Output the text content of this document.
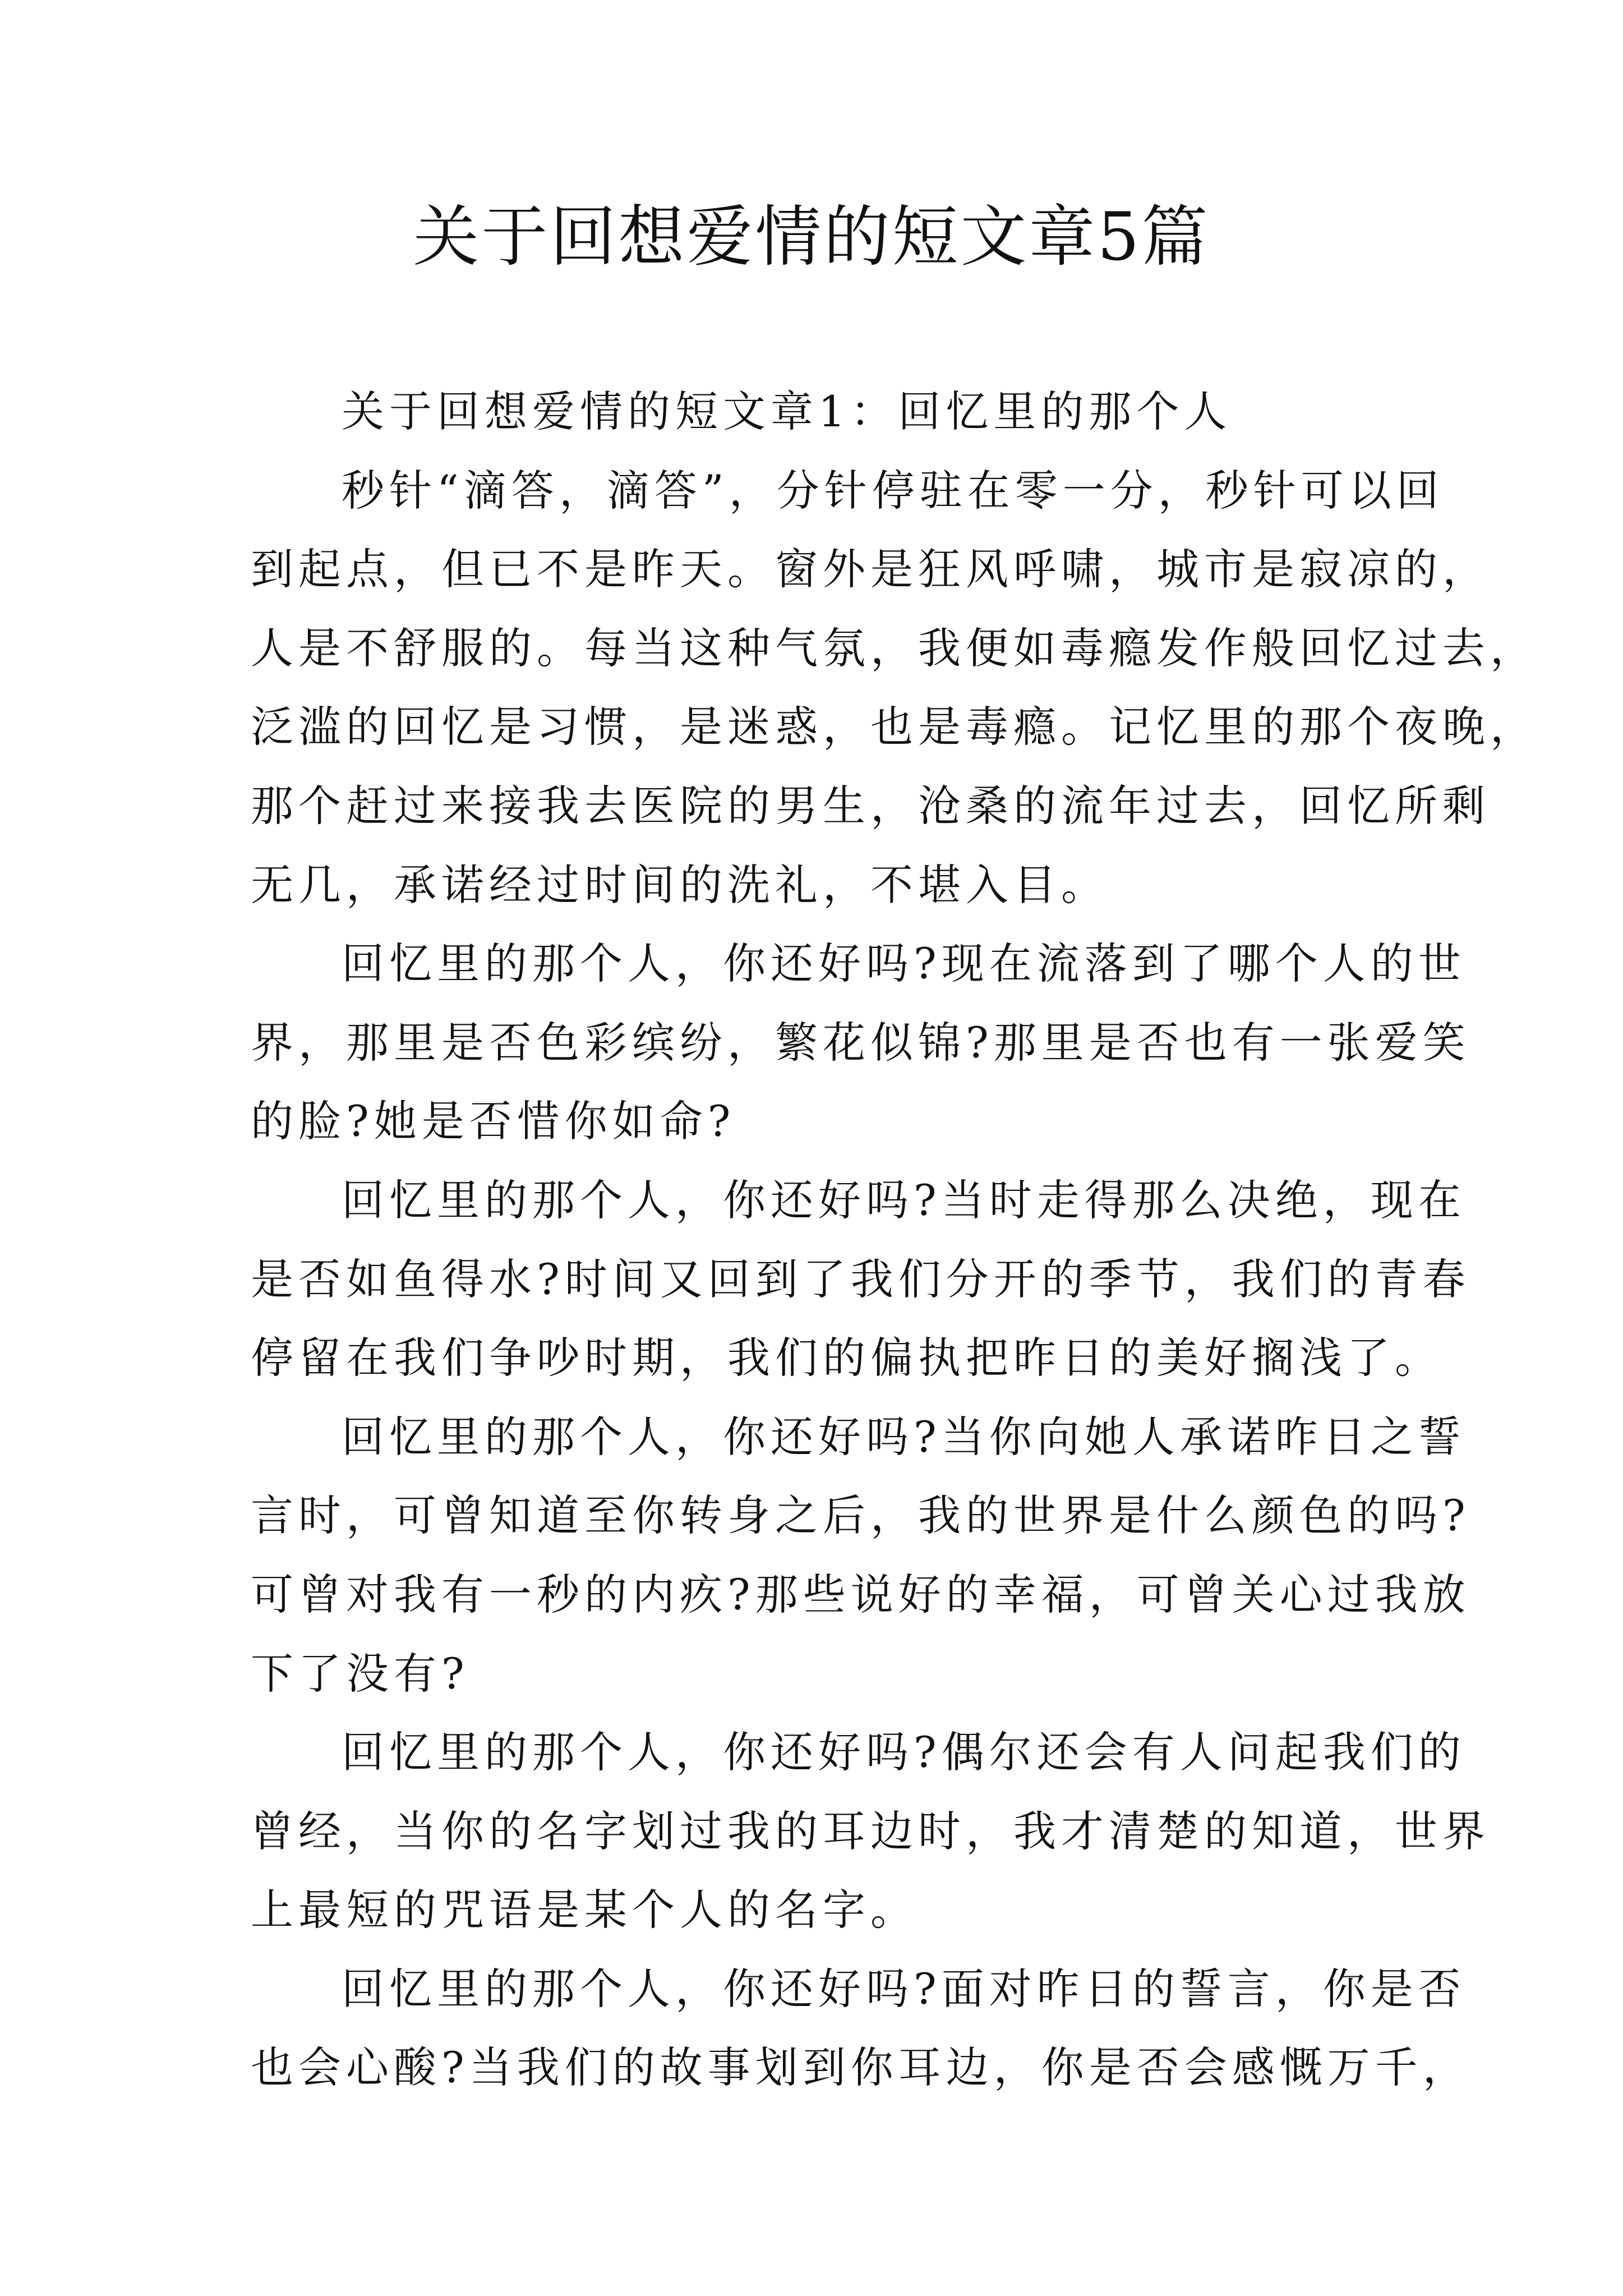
关于回想爱情的短文章5篇
关于回想爱情的短文章1：回忆里的那个人
秒针“滴答，滴答”，分针停驻在零一分，秒针可以回
到起点，但已不是昨天。窗外是狂风呼啸，城市是寂凉的，
人是不舒服的。每当这种气氛，我便如毒瘾发作般回忆过去，
泛滥的回忆是习惯，是迷惑，也是毒瘾。记忆里的那个夜晚，
那个赶过来接我去医院的男生，沧桑的流年过去，回忆所剩
无几，承诺经过时间的洗礼，不堪入目。
回忆里的那个人，你还好吗?现在流落到了哪个人的世
界，那里是否色彩缤纷，繁花似锦?那里是否也有一张爱笑
的脸?她是否惜你如命?
回忆里的那个人，你还好吗?当时走得那么决绝，现在
是否如鱼得水?时间又回到了我们分开的季节，我们的青春
停留在我们争吵时期，我们的偏执把昨日的美好搁浅了。
回忆里的那个人，你还好吗?当你向她人承诺昨日之誓
言时，可曾知道至你转身之后，我的世界是什么颜色的吗?
可曾对我有一秒的内疚?那些说好的幸福，可曾关心过我放
下了没有?
回忆里的那个人，你还好吗?偶尔还会有人问起我们的
曾经，当你的名字划过我的耳边时，我才清楚的知道，世界
上最短的咒语是某个人的名字。
回忆里的那个人，你还好吗?面对昨日的誓言，你是否
也会心酸?当我们的故事划到你耳边，你是否会感慨万千，
